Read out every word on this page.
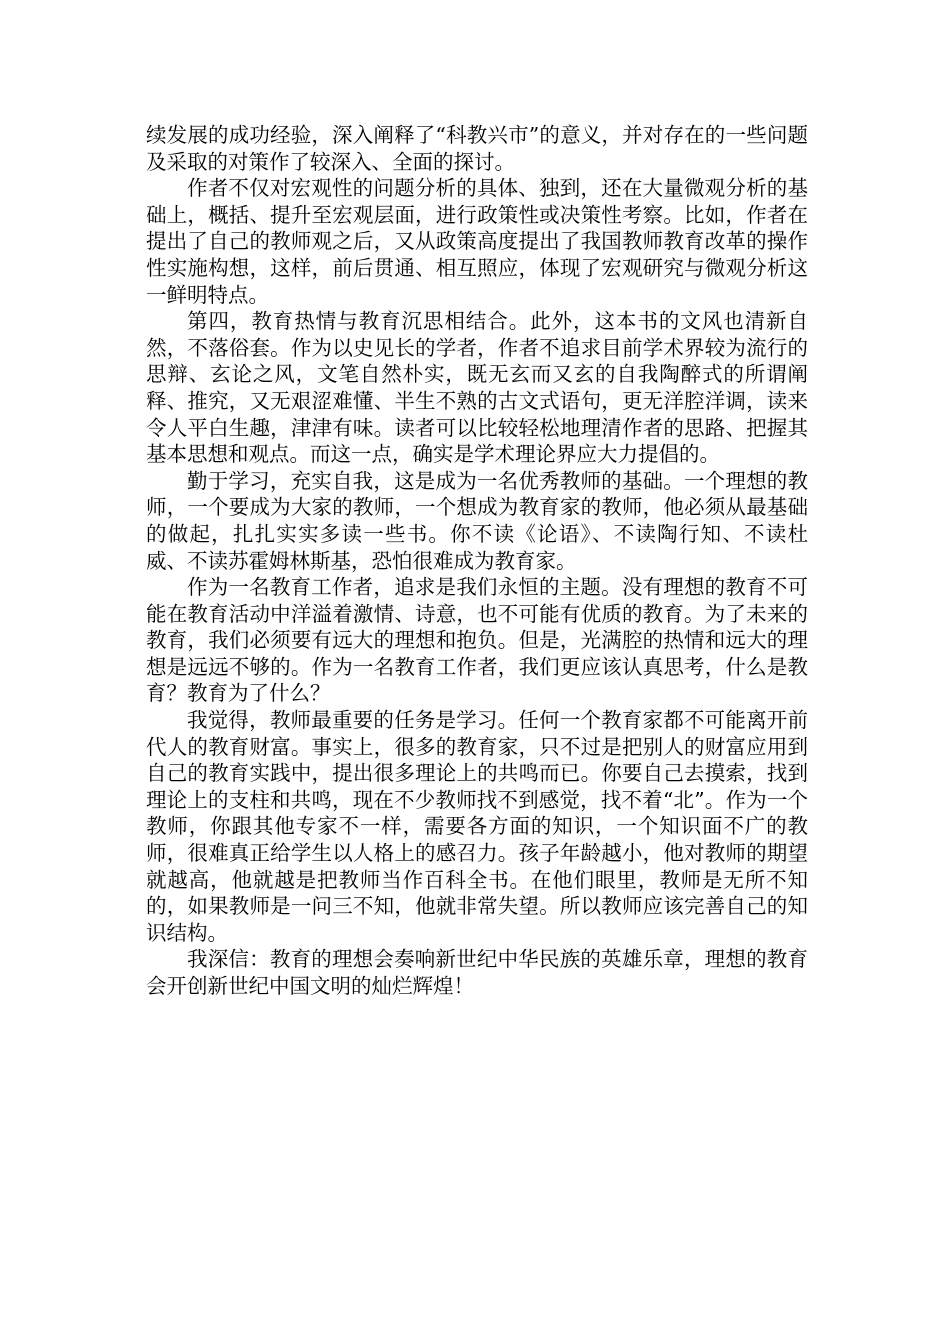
续发展的成功经验，深入阐释了“科教兴市”的意义，并对存在的一些问题及采取的对策作了较深入、全面的探讨。

作者不仅对宏观性的问题分析的具体、独到，还在大量微观分析的基础上，概括、提升至宏观层面，进行政策性或决策性考察。比如，作者在提出了自己的教师观之后，又从政策高度提出了我国教师教育改革的操作性实施构想，这样，前后贯通、相互照应，体现了宏观研究与微观分析这一鲜明特点。

第四，教育热情与教育沉思相结合。此外，这本书的文风也清新自然，不落俗套。作为以史见长的学者，作者不追求目前学术界较为流行的思辩、玄论之风，文笔自然朴实，既无玄而又玄的自我陶醉式的所谓阐释、推究，又无艰涩难懂、半生不熟的古文式语句，更无洋腔洋调，读来令人平白生趣，津津有味。读者可以比较轻松地理清作者的思路、把握其基本思想和观点。而这一点，确实是学术理论界应大力提倡的。

勤于学习，充实自我，这是成为一名优秀教师的基础。一个理想的教师，一个要成为大家的教师，一个想成为教育家的教师，他必须从最基础的做起，扎扎实实多读一些书。你不读《论语》、不读陶行知、不读杜威、不读苏霍姆林斯基，恐怕很难成为教育家。

作为一名教育工作者，追求是我们永恒的主题。没有理想的教育不可能在教育活动中洋溢着激情、诗意，也不可能有优质的教育。为了未来的教育，我们必须要有远大的理想和抱负。但是，光满腔的热情和远大的理想是远远不够的。作为一名教育工作者，我们更应该认真思考，什么是教育？教育为了什么？

我觉得，教师最重要的任务是学习。任何一个教育家都不可能离开前代人的教育财富。事实上，很多的教育家，只不过是把别人的财富应用到自己的教育实践中，提出很多理论上的共鸣而已。你要自己去摸索，找到理论上的支柱和共鸣，现在不少教师找不到感觉，找不着“北”。作为一个教师，你跟其他专家不一样，需要各方面的知识，一个知识面不广的教师，很难真正给学生以人格上的感召力。孩子年龄越小，他对教师的期望就越高，他就越是把教师当作百科全书。在他们眼里，教师是无所不知的，如果教师是一问三不知，他就非常失望。所以教师应该完善自己的知识结构。

我深信：教育的理想会奏响新世纪中华民族的英雄乐章，理想的教育会开创新世纪中国文明的灿烂辉煌！
